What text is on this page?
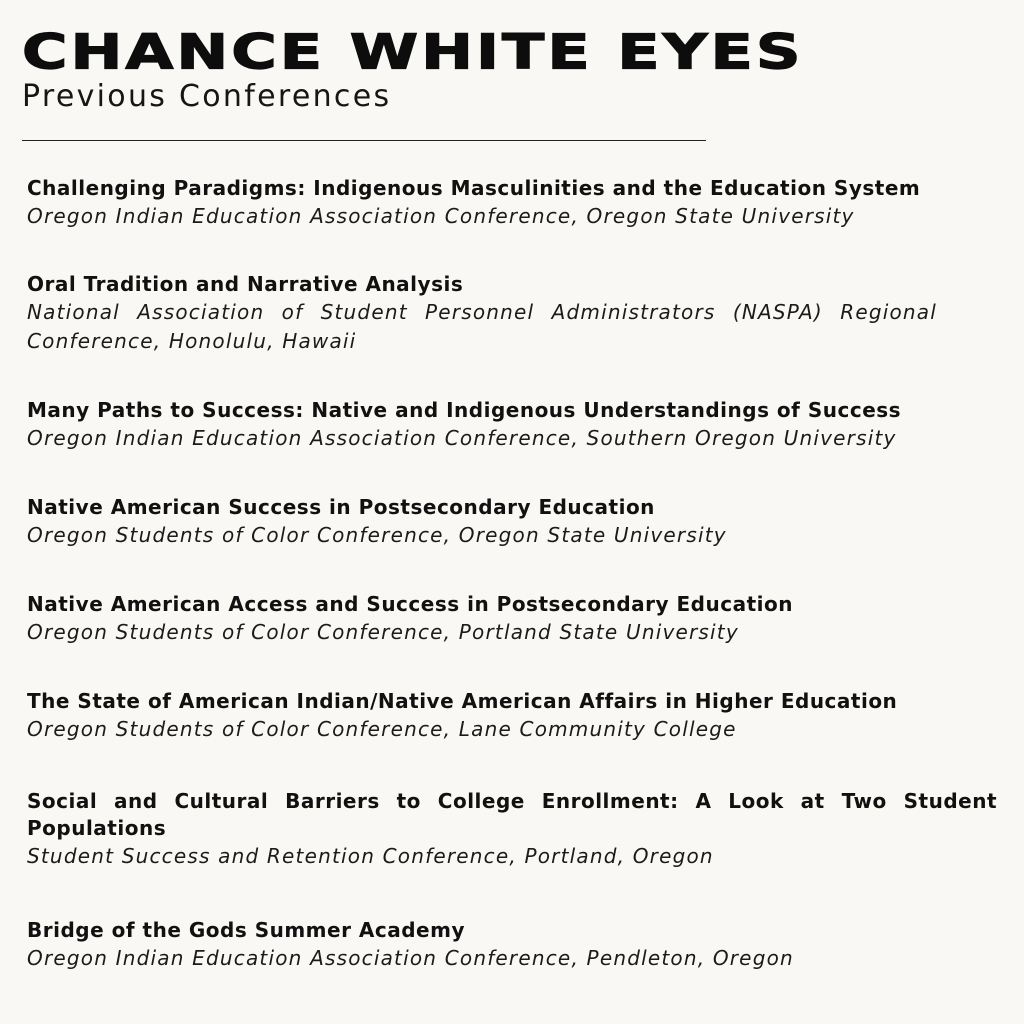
CHANCE WHITE EYES
Previous Conferences
Challenging Paradigms: Indigenous Masculinities and the Education System
Oregon Indian Education Association Conference, Oregon State University
Oral Tradition and Narrative Analysis
National Association of Student Personnel Administrators (NASPA) Regional Conference, Honolulu, Hawaii
Many Paths to Success: Native and Indigenous Understandings of Success
Oregon Indian Education Association Conference, Southern Oregon University
Native American Success in Postsecondary Education
Oregon Students of Color Conference, Oregon State University
Native American Access and Success in Postsecondary Education
Oregon Students of Color Conference, Portland State University
The State of American Indian/Native American Affairs in Higher Education
Oregon Students of Color Conference, Lane Community College
Social and Cultural Barriers to College Enrollment: A Look at Two Student Populations
Student Success and Retention Conference, Portland, Oregon
Bridge of the Gods Summer Academy
Oregon Indian Education Association Conference, Pendleton, Oregon
